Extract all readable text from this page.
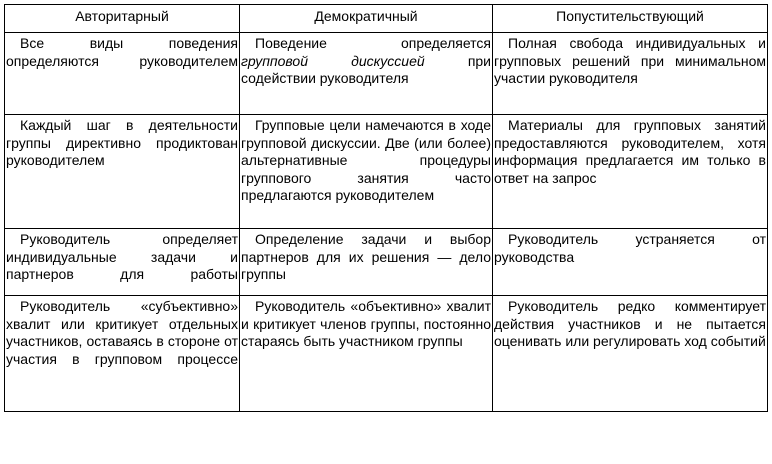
Авторитарный	Демократичный	Попустительствующий

Все виды поведения определяются руководителем	Поведение определяется групповой дискуссией при содействии руководителя	Полная свобода индивидуальных и групповых решений при минимальном участии руководителя

Каждый шаг в деятельности группы директивно продиктован руководителем	Групповые цели намечаются в ходе групповой дискуссии. Две (или более) альтернативные процедуры группового занятия часто предлагаются руководителем	Материалы для групповых занятий предоставляются руководителем, хотя информация предлагается им только в ответ на запрос

Руководитель определяет индивидуальные задачи и партнеров для работы	Определение задачи и выбор партнеров для их решения — дело группы	Руководитель устраняется от руководства

Руководитель «субъективно» хвалит или критикует отдельных участников, оставаясь в стороне от участия в групповом процессе	Руководитель «объективно» хвалит и критикует членов группы, постоянно стараясь быть участником группы	Руководитель редко комментирует действия участников и не пытается оценивать или регулировать ход событий
